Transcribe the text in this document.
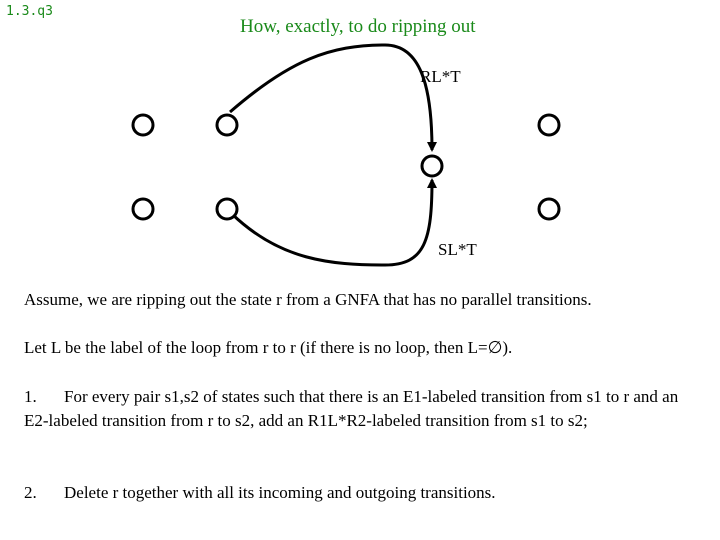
1.3.q3
How, exactly, to do ripping out
RL*T
SL*T
Assume, we are ripping out the state r from a GNFA that has no parallel transitions.
Let L be the label of the loop from r to r (if there is no loop, then L=∅).
1. For every pair s1,s2 of states such that there is an E1-labeled transition from s1 to r and an E2-labeled transition from r to s2, add an R1L*R2-labeled transition from s1 to s2;
2. Delete r together with all its incoming and outgoing transitions.
